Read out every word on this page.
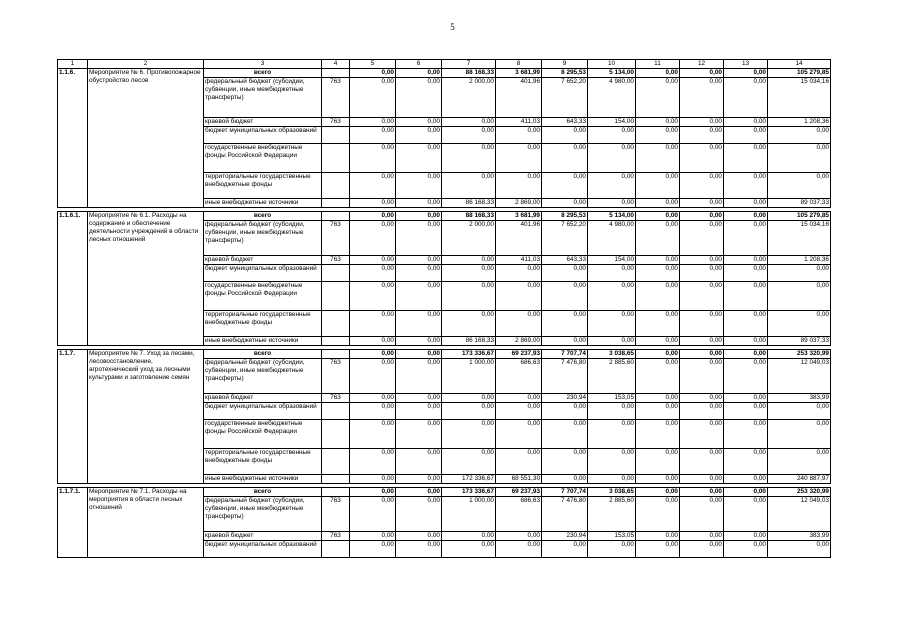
5
1	2	3	4	5	6	7	8	9	10	11	12	13	14
1.1.6.	Мероприятие № 6. Противопожарное обустройство лесов	всего		0,00	0,00	88 168,33	3 681,99	8 295,53	5 134,00	0,00	0,00	0,00	105 279,85
		федеральный бюджет (субсидии, субвенции, иные межбюджетные трансферты)	763	0,00	0,00	2 000,00	401,96	7 652,20	4 980,00	0,00	0,00	0,00	15 034,16
		краевой бюджет	763	0,00	0,00	0,00	411,03	643,33	154,00	0,00	0,00	0,00	1 208,36
		бюджет муниципальных образований		0,00	0,00	0,00	0,00	0,00	0,00	0,00	0,00	0,00	0,00
		государственные внебюджетные фонды Российской Федерации		0,00	0,00	0,00	0,00	0,00	0,00	0,00	0,00	0,00	0,00
		территориальные государственные внебюджетные фонды		0,00	0,00	0,00	0,00	0,00	0,00	0,00	0,00	0,00	0,00
		иные внебюджетные источники		0,00	0,00	86 168,33	2 869,00	0,00	0,00	0,00	0,00	0,00	89 037,33

1.1.6.1.	Мероприятие № 6.1. Расходы на содержание и обеспечение деятельности учреждений в области лесных отношений	всего		0,00	0,00	88 168,33	3 681,99	8 295,53	5 134,00	0,00	0,00	0,00	105 279,85
		федеральный бюджет (субсидии, субвенции, иные межбюджетные трансферты)	763	0,00	0,00	2 000,00	401,96	7 652,20	4 980,00	0,00	0,00	0,00	15 034,16
		краевой бюджет	763	0,00	0,00	0,00	411,03	643,33	154,00	0,00	0,00	0,00	1 208,36
		бюджет муниципальных образований		0,00	0,00	0,00	0,00	0,00	0,00	0,00	0,00	0,00	0,00
		государственные внебюджетные фонды Российской Федерации		0,00	0,00	0,00	0,00	0,00	0,00	0,00	0,00	0,00	0,00
		территориальные государственные внебюджетные фонды		0,00	0,00	0,00	0,00	0,00	0,00	0,00	0,00	0,00	0,00
		иные внебюджетные источники		0,00	0,00	86 168,33	2 869,00	0,00	0,00	0,00	0,00	0,00	89 037,33

1.1.7.	Мероприятие № 7. Уход за лесами, лесовосстановление, агротехнический уход за лесными культурами и заготовление семян	всего		0,00	0,00	173 336,67	69 237,93	7 707,74	3 038,65	0,00	0,00	0,00	253 320,99
		федеральный бюджет (субсидии, субвенции, иные межбюджетные трансферты)	763	0,00	0,00	1 000,00	686,63	7 476,80	2 885,60	0,00	0,00	0,00	12 049,03
		краевой бюджет	763	0,00	0,00	0,00	0,00	230,94	153,05	0,00	0,00	0,00	383,99
		бюджет муниципальных образований		0,00	0,00	0,00	0,00	0,00	0,00	0,00	0,00	0,00	0,00
		государственные внебюджетные фонды Российской Федерации		0,00	0,00	0,00	0,00	0,00	0,00	0,00	0,00	0,00	0,00
		территориальные государственные внебюджетные фонды		0,00	0,00	0,00	0,00	0,00	0,00	0,00	0,00	0,00	0,00
		иные внебюджетные источники		0,00	0,00	172 336,67	68 551,30	0,00	0,00	0,00	0,00	0,00	240 887,97

1.1.7.1.	Мероприятие № 7.1. Расходы на мероприятия в области лесных отношений	всего		0,00	0,00	173 336,67	69 237,93	7 707,74	3 038,65	0,00	0,00	0,00	253 320,99
		федеральный бюджет (субсидии, субвенции, иные межбюджетные трансферты)	763	0,00	0,00	1 000,00	686,63	7 476,80	2 885,60	0,00	0,00	0,00	12 049,03
		краевой бюджет	763	0,00	0,00	0,00	0,00	230,94	153,05	0,00	0,00	0,00	383,99
		бюджет муниципальных образований		0,00	0,00	0,00	0,00	0,00	0,00	0,00	0,00	0,00	0,00
